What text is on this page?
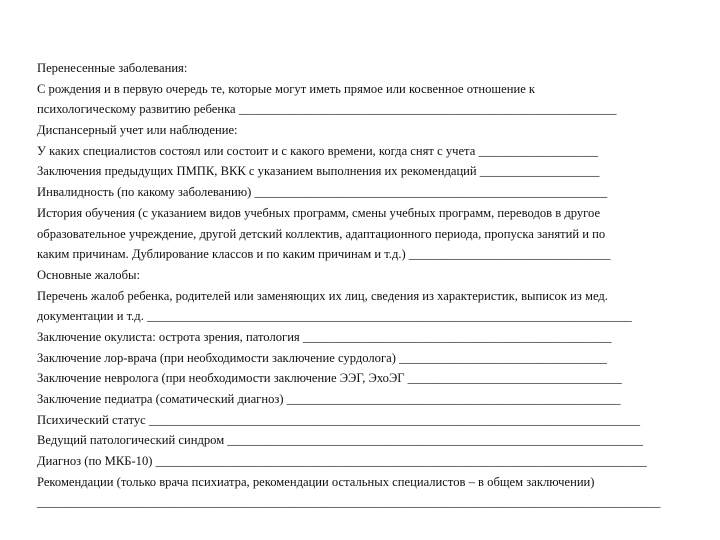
Перенесенные заболевания:
С рождения и в первую очередь те, которые могут иметь прямое или косвенное отношение к
психологическому развитию ребенка ____________________________________________________________
Диспансерный учет или наблюдение:
У каких специалистов состоял или состоит и с какого времени, когда снят с учета ___________________
Заключения предыдущих ПМПК, ВКК с указанием выполнения их рекомендаций ___________________
Инвалидность (по какому заболеванию) ________________________________________________________
История обучения (с указанием видов учебных программ, смены учебных программ, переводов в другое
образовательное учреждение, другой детский коллектив, адаптационного периода, пропуска занятий и по
каким причинам. Дублирование классов и по каким причинам и т.д.) ________________________________
Основные жалобы:
Перечень жалоб ребенка, родителей или заменяющих их лиц, сведения из характеристик, выписок из мед.
документации и т.д. _____________________________________________________________________________
Заключение окулиста: острота зрения, патология _________________________________________________
Заключение лор-врача (при необходимости заключение сурдолога) _________________________________
Заключение невролога (при необходимости заключение ЭЭГ, ЭхоЭГ __________________________________
Заключение педиатра (соматический диагноз) _____________________________________________________
Психический статус ______________________________________________________________________________
Ведущий патологический синдром __________________________________________________________________
Диагноз (по МКБ-10) ______________________________________________________________________________
Рекомендации (только врача психиатра, рекомендации остальных специалистов – в общем заключении)
___________________________________________________________________________________________________
